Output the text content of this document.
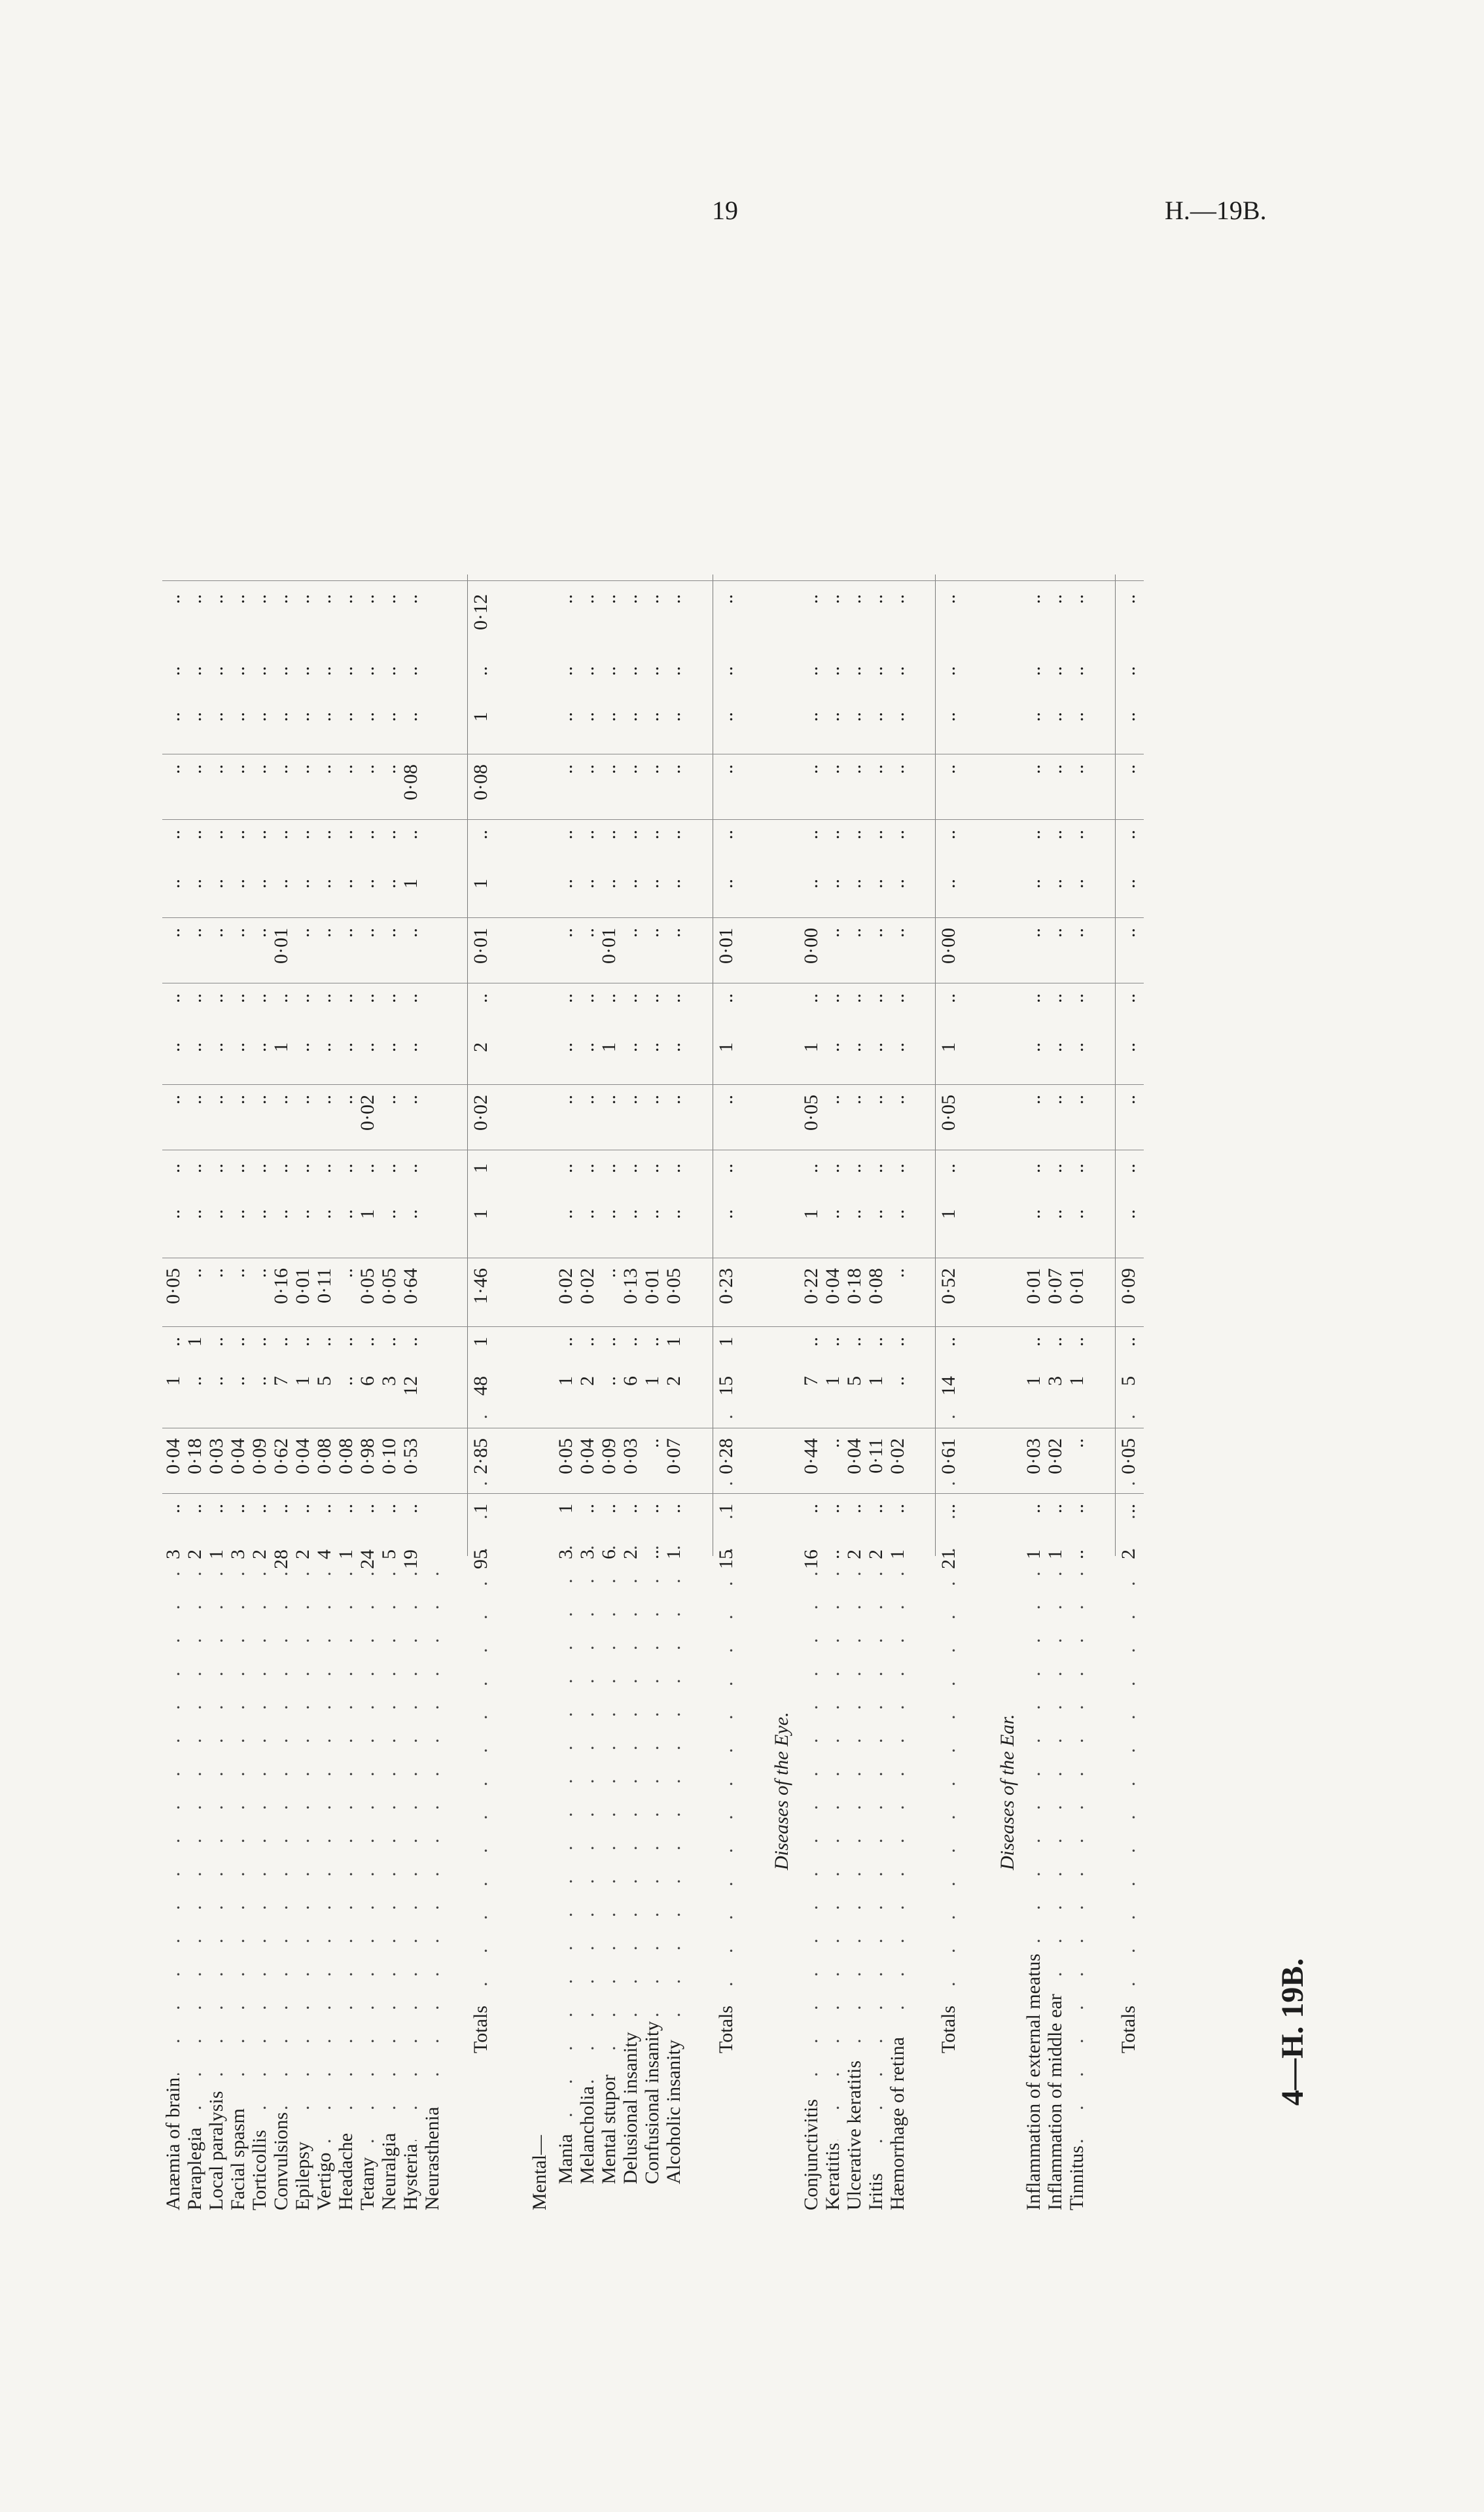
19	H.—19B.
4—H. 19B.
. . . Anæmia of brain
3
..
0·04
1
..
0·05
..
..
..
..
..
..
..
..
..
..
..
..
. . . Paraplegia
2
..
0·18
..
1
..
..
..
..
..
..
..
..
..
..
..
..
..
. . . Local paralysis
1
..
0·03
..
..
..
..
..
..
..
..
..
..
..
..
..
..
..
. . . Facial spasm
3
..
0·04
..
..
..
..
..
..
..
..
..
..
..
..
..
..
..
. . . Torticollis
2
..
0·09
..
..
..
..
..
..
..
..
..
..
..
..
..
..
..
. . . Convulsions
28
..
0·62
7
..
0·16
..
..
..
1
..
0·01
..
..
..
..
..
..
. . . Epilepsy
2
..
0·04
1
..
0·01
..
..
..
..
..
..
..
..
..
..
..
..
. . . Vertigo
4
..
0·08
5
..
0·11
..
..
..
..
..
..
..
..
..
..
..
..
. . . Headache
1
..
0·08
..
..
..
..
..
..
..
..
..
..
..
..
..
..
..
. . . Tetany
24
..
0·98
6
..
0·05
1
..
0·02
..
..
..
..
..
..
..
..
..
. . . Neuralgia
5
..
0·10
3
..
0·05
..
..
..
..
..
..
..
..
..
..
..
..
. . . Hysteria
19
..
0·53
12
..
0·64
..
..
..
..
..
..
1
..
0·08
..
..
..
. . . Neurasthenia
. . . Totals
95
1
2·85
48
1
1·46
1
1
0·02
2
..
0·01
1
..
0·08
1
..
0·12
Mental—
. . . Mania
3
1
0·05
1
..
0·02
..
..
..
..
..
..
..
..
..
..
..
..
. . . Melancholia
3
..
0·04
2
..
0·02
..
..
..
..
..
..
..
..
..
..
..
..
. . . Mental stupor
6
..
0·09
..
..
..
..
..
..
1
..
0·01
..
..
..
..
..
..
. . . Delusional insanity
2
..
0·03
6
..
0·13
..
..
..
..
..
..
..
..
..
..
..
..
. . . Confusional insanity
..
..
..
1
..
0·01
..
..
..
..
..
..
..
..
..
..
..
..
. . . Alcoholic insanity
1
..
0·07
2
1
0·05
..
..
..
..
..
..
..
..
..
..
..
..
. . . Totals
15
1
0·28
15
1
0·23
..
..
..
1
..
0·01
..
..
..
..
..
..
Diseases of the Eye.
. . . Conjunctivitis
16
..
0·44
7
..
0·22
1
..
0·05
1
..
0·00
..
..
..
..
..
..
. . . Keratitis
..
..
..
1
..
0·04
..
..
..
..
..
..
..
..
..
..
..
..
. . . Ulcerative keratitis
2
..
0·04
5
..
0·18
..
..
..
..
..
..
..
..
..
..
..
..
. . . Iritis
2
..
0·11
1
..
0·08
..
..
..
..
..
..
..
..
..
..
..
..
. . . Hæmorrhage of retina
1
..
0·02
..
..
..
..
..
..
..
..
..
..
..
..
..
..
..
. . . Totals
21
..
0·61
14
..
0·52
1
..
0·05
1
..
0·00
..
..
..
..
..
..
Diseases of the Ear.
. . . Inflammation of external meatus
1
..
0·03
1
..
0·01
..
..
..
..
..
..
..
..
..
..
..
..
. . . Inflammation of middle ear
1
..
0·02
3
..
0·07
..
..
..
..
..
..
..
..
..
..
..
..
. . . Tinnitus
..
..
..
1
..
0·01
..
..
..
..
..
..
..
..
..
..
..
..
. . . Totals
2
..
0·05
5
..
0·09
..
..
..
..
..
..
..
..
..
..
..
..
